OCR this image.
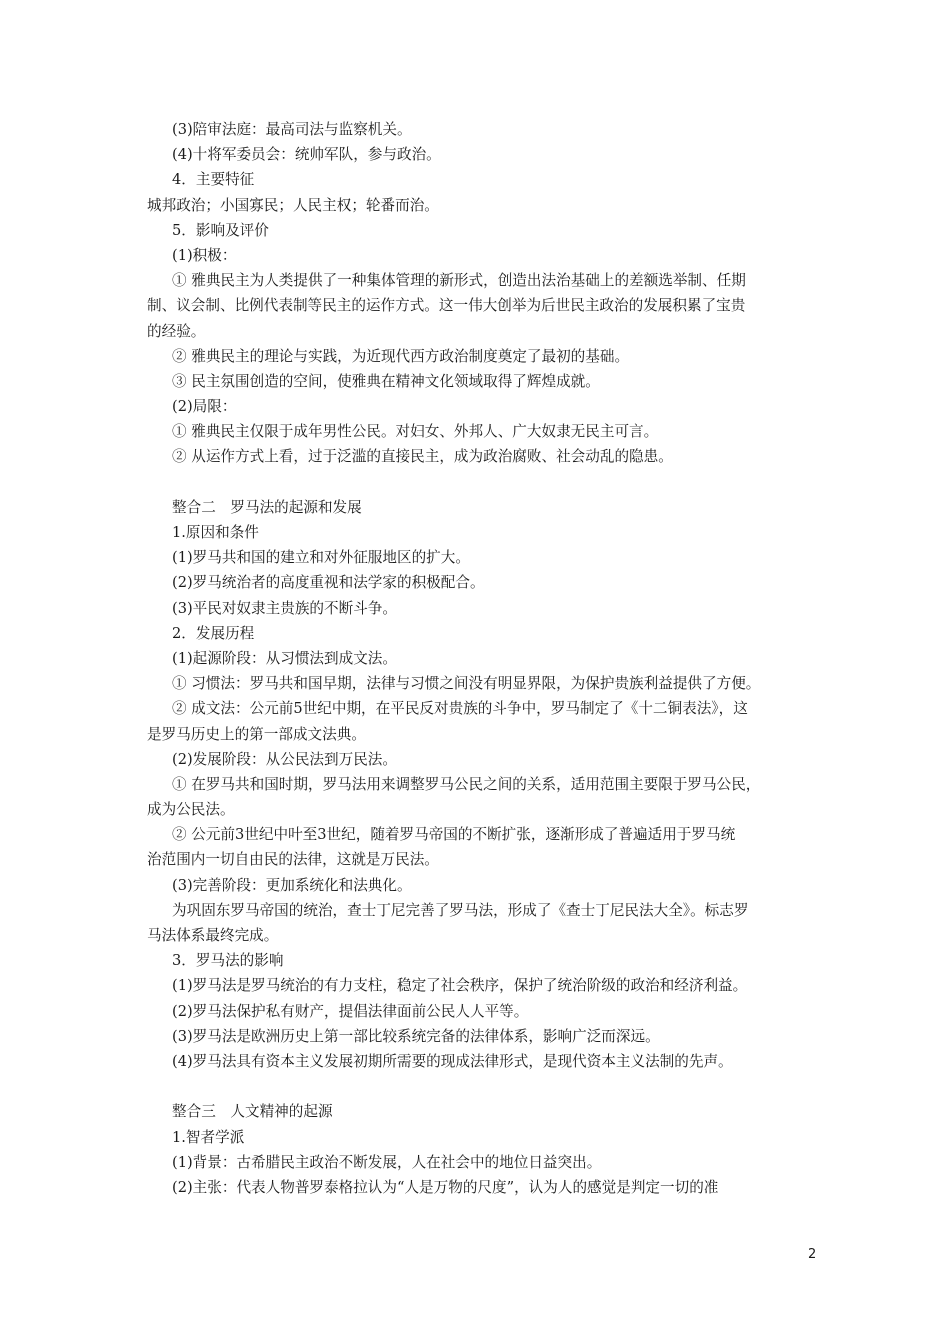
(3)陪审法庭：最高司法与监察机关。
(4)十将军委员会：统帅军队，参与政治。
4．主要特征
城邦政治；小国寡民；人民主权；轮番而治。
5．影响及评价
(1)积极：
① 雅典民主为人类提供了一种集体管理的新形式，创造出法治基础上的差额选举制、任期
制、议会制、比例代表制等民主的运作方式。这一伟大创举为后世民主政治的发展积累了宝贵
的经验。
② 雅典民主的理论与实践，为近现代西方政治制度奠定了最初的基础。
③ 民主氛围创造的空间，使雅典在精神文化领域取得了辉煌成就。
(2)局限：
① 雅典民主仅限于成年男性公民。对妇女、外邦人、广大奴隶无民主可言。
② 从运作方式上看，过于泛滥的直接民主，成为政治腐败、社会动乱的隐患。
整合二　罗马法的起源和发展
1.原因和条件
(1)罗马共和国的建立和对外征服地区的扩大。
(2)罗马统治者的高度重视和法学家的积极配合。
(3)平民对奴隶主贵族的不断斗争。
2．发展历程
(1)起源阶段：从习惯法到成文法。
① 习惯法：罗马共和国早期，法律与习惯之间没有明显界限，为保护贵族利益提供了方便。
② 成文法：公元前5世纪中期，在平民反对贵族的斗争中，罗马制定了《十二铜表法》，这
是罗马历史上的第一部成文法典。
(2)发展阶段：从公民法到万民法。
① 在罗马共和国时期，罗马法用来调整罗马公民之间的关系，适用范围主要限于罗马公民，
成为公民法。
② 公元前3世纪中叶至3世纪，随着罗马帝国的不断扩张，逐渐形成了普遍适用于罗马统
治范围内一切自由民的法律，这就是万民法。
(3)完善阶段：更加系统化和法典化。
为巩固东罗马帝国的统治，查士丁尼完善了罗马法，形成了《查士丁尼民法大全》。标志罗
马法体系最终完成。
3．罗马法的影响
(1)罗马法是罗马统治的有力支柱，稳定了社会秩序，保护了统治阶级的政治和经济利益。
(2)罗马法保护私有财产，提倡法律面前公民人人平等。
(3)罗马法是欧洲历史上第一部比较系统完备的法律体系，影响广泛而深远。
(4)罗马法具有资本主义发展初期所需要的现成法律形式，是现代资本主义法制的先声。
整合三　人文精神的起源
1.智者学派
(1)背景：古希腊民主政治不断发展，人在社会中的地位日益突出。
(2)主张：代表人物普罗泰格拉认为“人是万物的尺度”，认为人的感觉是判定一切的准
2
